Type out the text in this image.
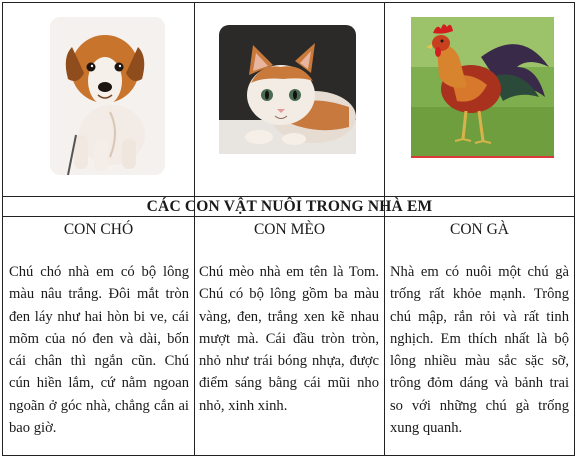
CÁC CON VẬT NUÔI TRONG NHÀ EM
CON CHÓ	CON MÈO	CON GÀ
Chú chó nhà em có bộ lông màu nâu trắng. Đôi mắt tròn đen láy như hai hòn bi ve, cái mõm của nó đen và dài, bốn cái chân thì ngắn cũn. Chú cún hiền lắm, cứ nằm ngoan ngoãn ở góc nhà, chẳng cắn ai bao giờ.
Chú mèo nhà em tên là Tom. Chú có bộ lông gồm ba màu vàng, đen, trắng xen kẽ nhau mượt mà. Cái đầu tròn tròn, nhỏ như trái bóng nhựa, được điểm sáng bằng cái mũi nho nhỏ, xinh xinh.
Nhà em có nuôi một chú gà trống rất khỏe mạnh. Trông chú mập, rắn rỏi và rất tinh nghịch. Em thích nhất là bộ lông nhiều màu sắc sặc sỡ, trông đỏm dáng và bảnh trai so với những chú gà trống xung quanh.
